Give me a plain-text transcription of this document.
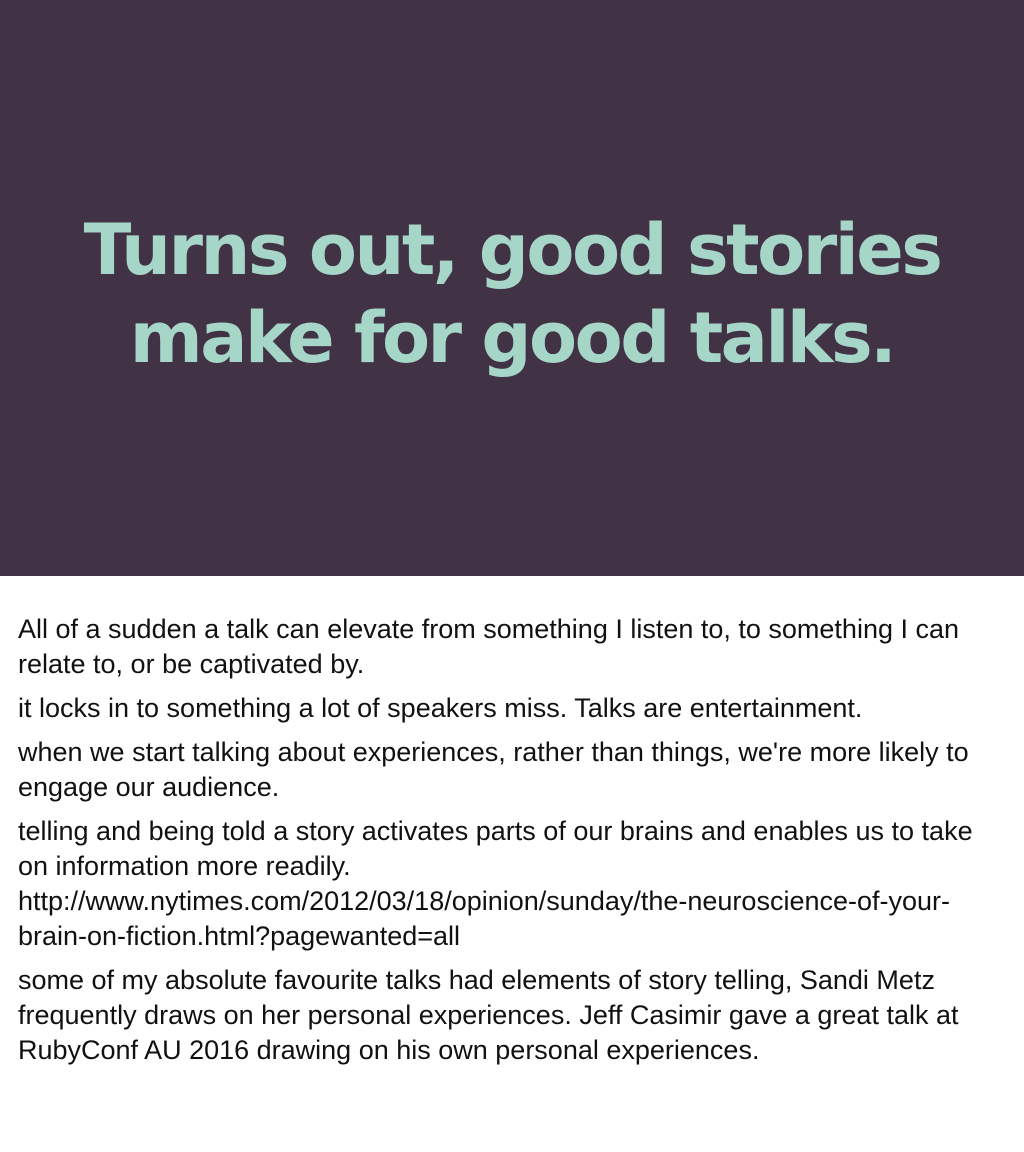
Turns out, good stories
make for good talks.

All of a sudden a talk can elevate from something I listen to, to something I can relate to, or be captivated by.

it locks in to something a lot of speakers miss. Talks are entertainment.

when we start talking about experiences, rather than things, we're more likely to engage our audience.

telling and being told a story activates parts of our brains and enables us to take on information more readily. http://www.nytimes.com/2012/03/18/opinion/sunday/the-neuroscience-of-your-brain-on-fiction.html?pagewanted=all

some of my absolute favourite talks had elements of story telling, Sandi Metz frequently draws on her personal experiences. Jeff Casimir gave a great talk at RubyConf AU 2016 drawing on his own personal experiences.
